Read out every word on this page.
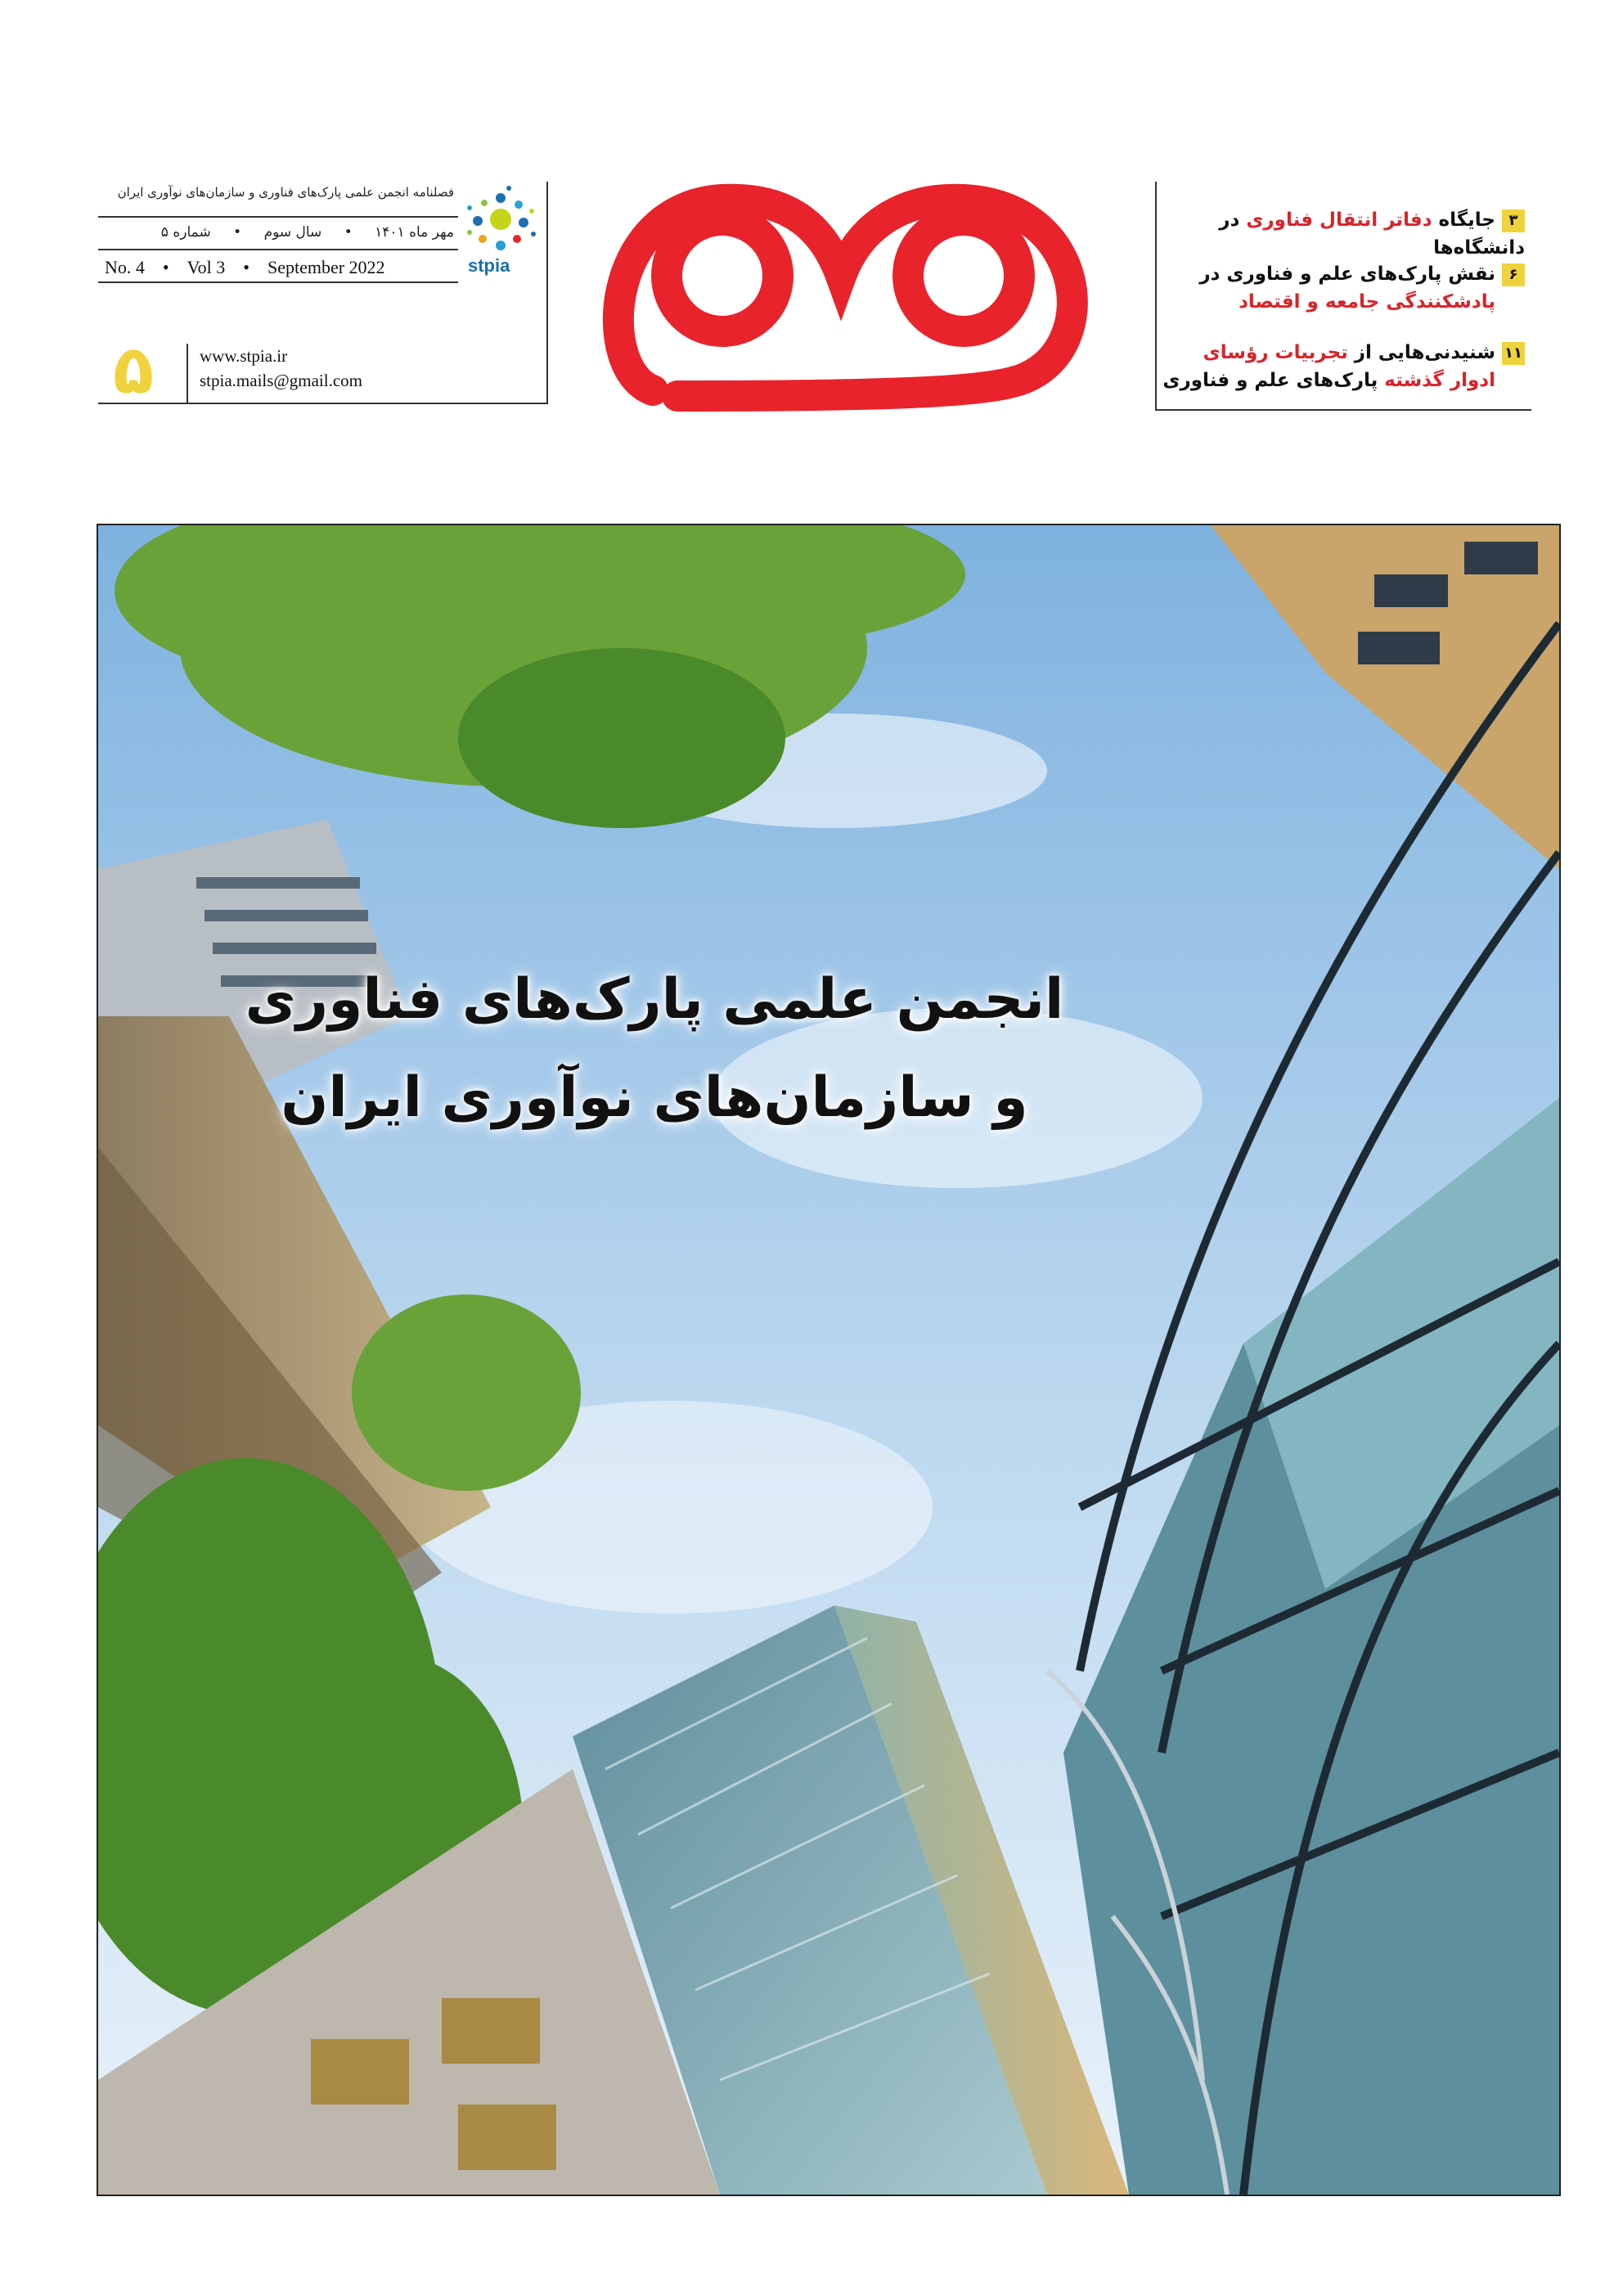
stpia
فصلنامه انجمن علمی پارک‌های فناوری و سازمان‌های نوآوری ایران
مهر ماه ۱۴۰۱ • سال سوم • شماره ۵
No. 4 • Vol 3 • September 2022
۵	www.stpia.ir
stpia.mails@gmail.com
۳جایگاه دفاتر انتقال فناوری در دانشگاه‌ها
۶نقش پارک‌های علم و فناوری در
پادشکنندگی جامعه و اقتصاد
۱۱شنیدنی‌هایی از تجربیات رؤسای
ادوار گذشته پارک‌های علم و فناوری
انجمن علمی پارک‌های فناوری
و سازمان‌های نوآوری ایران
